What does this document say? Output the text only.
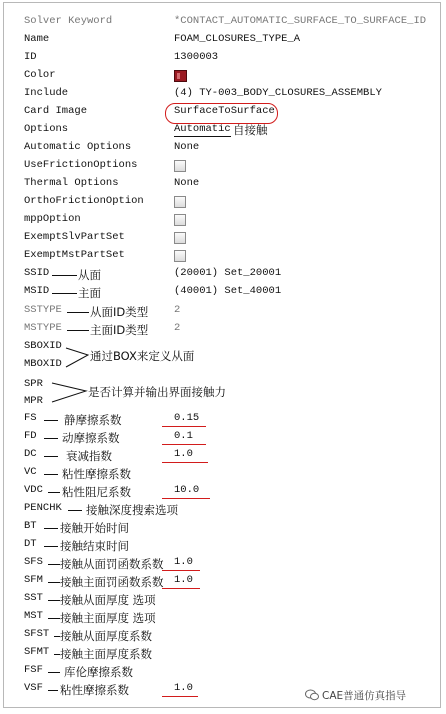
Solver Keyword	*CONTACT_AUTOMATIC_SURFACE_TO_SURFACE_ID
Name	FOAM_CLOSURES_TYPE_A
ID	1300003
Color
Include	(4) TY-003_BODY_CLOSURES_ASSEMBLY
Card Image	SurfaceToSurface
Options	Automatic 自接触
Automatic Options	None
UseFrictionOptions
Thermal Options	None
OrthoFrictionOption
mppOption
ExemptSlvPartSet
ExemptMstPartSet
SSID	从面	(20001) Set_20001
MSID	主面	(40001) Set_40001
SSTYPE 从面ID类型 2
MSTYPE 主面ID类型 2
SBOXID
MBOXID
通过BOX来定义从面
SPR
MPR
是否计算并输出界面接触力
FS 静摩擦系数	0.15
FD 动摩擦系数	0.1
DC	衰减指数	1.0
VC 粘性摩擦系数
VDC 粘性阻尼系数	10.0
PENCHK 接触深度搜索选项
BT 接触开始时间
DT 接触结束时间
SFS 接触从面罚函数系数 1.0
SFM 接触主面罚函数系数 1.0
SST 接触从面厚度 选项
MST 接触主面厚度 选项
SFST 接触从面厚度系数
SFMT 接触主面厚度系数
FSF 库伦摩擦系数
VSF 粘性摩擦系数	1.0
CAE普通仿真指导
